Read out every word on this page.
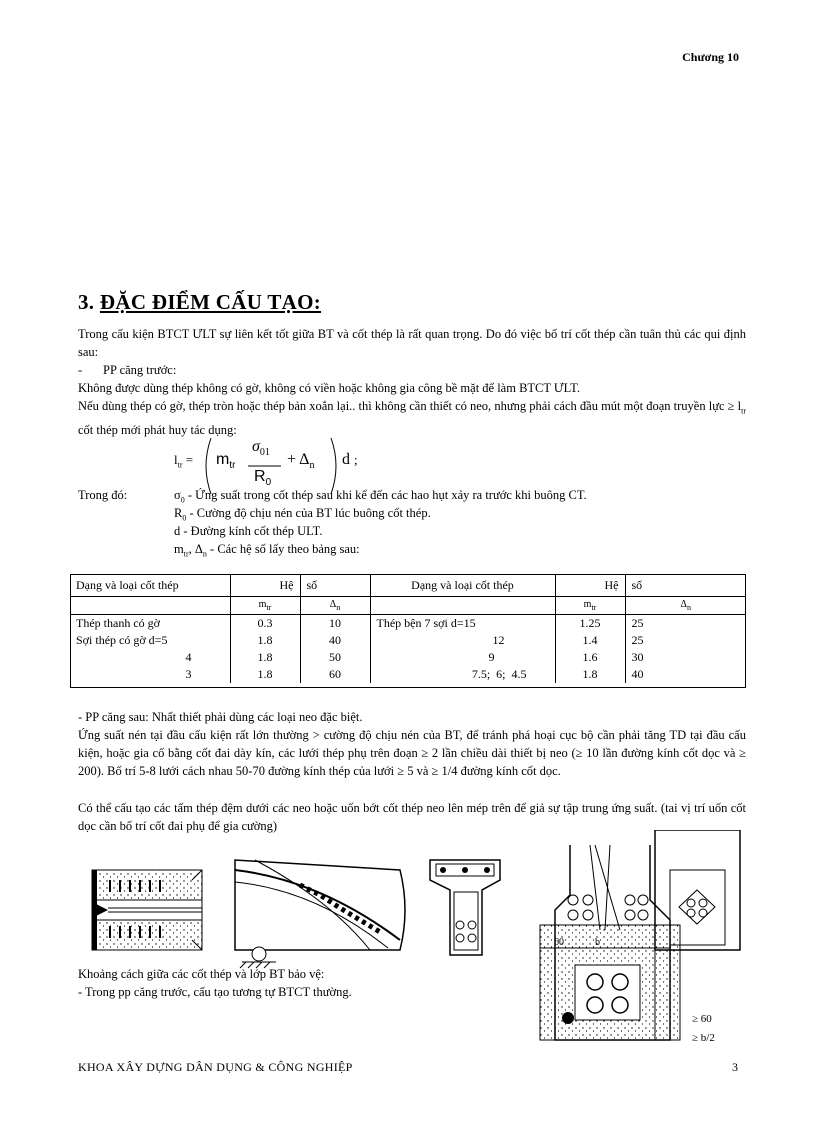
Chương 10
3. ĐẶC ĐIỂM CẤU TẠO:
Trong cấu kiện BTCT ƯLT sự liên kết tốt giữa BT và cốt thép là rất quan trọng. Do đó việc bố trí cốt thép cần tuân thủ các qui định sau:
- PP căng trước:
Không được dùng thép không có gờ, không có viền hoặc không gia công bề mặt để làm BTCT ƯLT.
Nếu dùng thép có gờ, thép tròn hoặc thép bản xoắn lại.. thì không cần thiết có neo, nhưng phải cách đầu mút một đoạn truyền lực ≥ $l_{tr}$ cốt thép mới phát huy tác dụng:
$l_{tr} = m_{tr}$
$\sigma_{01}$
$R_0$
+ $\Delta_n$ d ;
Trong đó:	$\sigma_0$ - Ứng suất trong cốt thép sau khi kể đến các hao hụt xảy ra trước khi buông CT.
$R_0$ - Cường độ chịu nén của BT lúc buông cốt thép.
d - Đường kính cốt thép ULT.
$m_{tr}$, $\Delta_n$ - Các hệ số lấy theo bảng sau:
Dạng và loại cốt thép	Hệ	số	Dạng và loại cốt thép	Hệ	số
	$m_{tr}$	$\Delta_n$		$m_{tr}$	$\Delta_n$
Thép thanh có gờ	0.3	10	Thép bện 7 sợi d=15	1.25	25
Sợi thép có gờ d=5	1.8	40	12	1.4	25
4	1.8	50	9	1.6	30
3	1.8	60	7.5;  6;  4.5	1.8	40
- PP căng sau: Nhất thiết phải dùng các loại neo đặc biệt.
Ứng suất nén tại đầu cấu kiện rất lớn thường > cường độ chịu nén của BT, để tránh phá hoại cục bộ cần phải tăng TD tại đầu cấu kiện, hoặc gia cố bằng cốt đai dày kín, các lưới thép phụ trên đoạn ≥ 2 lần chiều dài thiết bị neo (≥ 10 lần đường kính cốt dọc và ≥ 200). Bố trí 5-8 lưới cách nhau 50-70 đường kính thép của lưới ≥ 5 và ≥ 1/4 đường kính cốt dọc.
Có thể cấu tạo các tấm thép đệm dưới các neo hoặc uốn bớt cốt thép neo lên mép trên để giả sự tập trung ứng suất. (tai vị trí uốn cốt dọc cần bố trí cốt đai phụ để gia cường)
60	b
≥ 60
≥ b/2
Khoảng cách giữa các cốt thép và lớp BT bảo vệ:
- Trong pp căng trước, cấu tạo tương tự BTCT thường.
KHOA XÂY DỰNG DÂN DỤNG & CÔNG NGHIỆP	3
